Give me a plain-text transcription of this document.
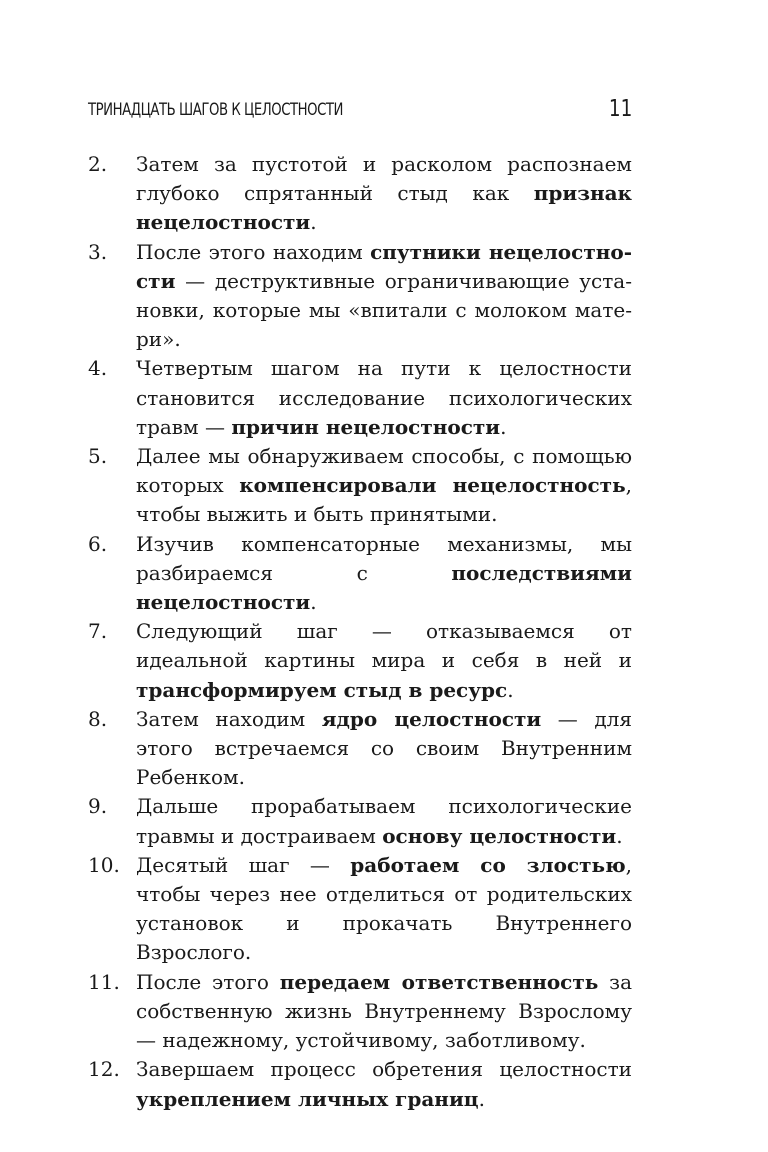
ТРИНАДЦАТЬ ШАГОВ К ЦЕЛОСТНОСТИ	11
2.	Затем за пустотой и расколом распознаем глубоко спрятанный стыд как признак нецелостности.
3.	После этого находим спутники нецелостности — деструктивные ограничивающие установки, которые мы «впитали с молоком матери».
4.	Четвертым шагом на пути к целостности становится исследование психологических травм — причин нецелостности.
5.	Далее мы обнаруживаем способы, с помощью которых компенсировали нецелостность, чтобы выжить и быть принятыми.
6.	Изучив компенсаторные механизмы, мы разбираемся с последствиями нецелостности.
7.	Следующий шаг — отказываемся от идеальной картины мира и себя в ней и трансформируем стыд в ресурс.
8.	Затем находим ядро целостности — для этого встречаемся со своим Внутренним Ребенком.
9.	Дальше прорабатываем психологические травмы и достраиваем основу целостности.
10. Десятый шаг — работаем со злостью, чтобы через нее отделиться от родительских установок и прокачать Внутреннего Взрослого.
11. После этого передаем ответственность за собственную жизнь Внутреннему Взрослому — надежному, устойчивому, заботливому.
12. Завершаем процесс обретения целостности укреплением личных границ.
